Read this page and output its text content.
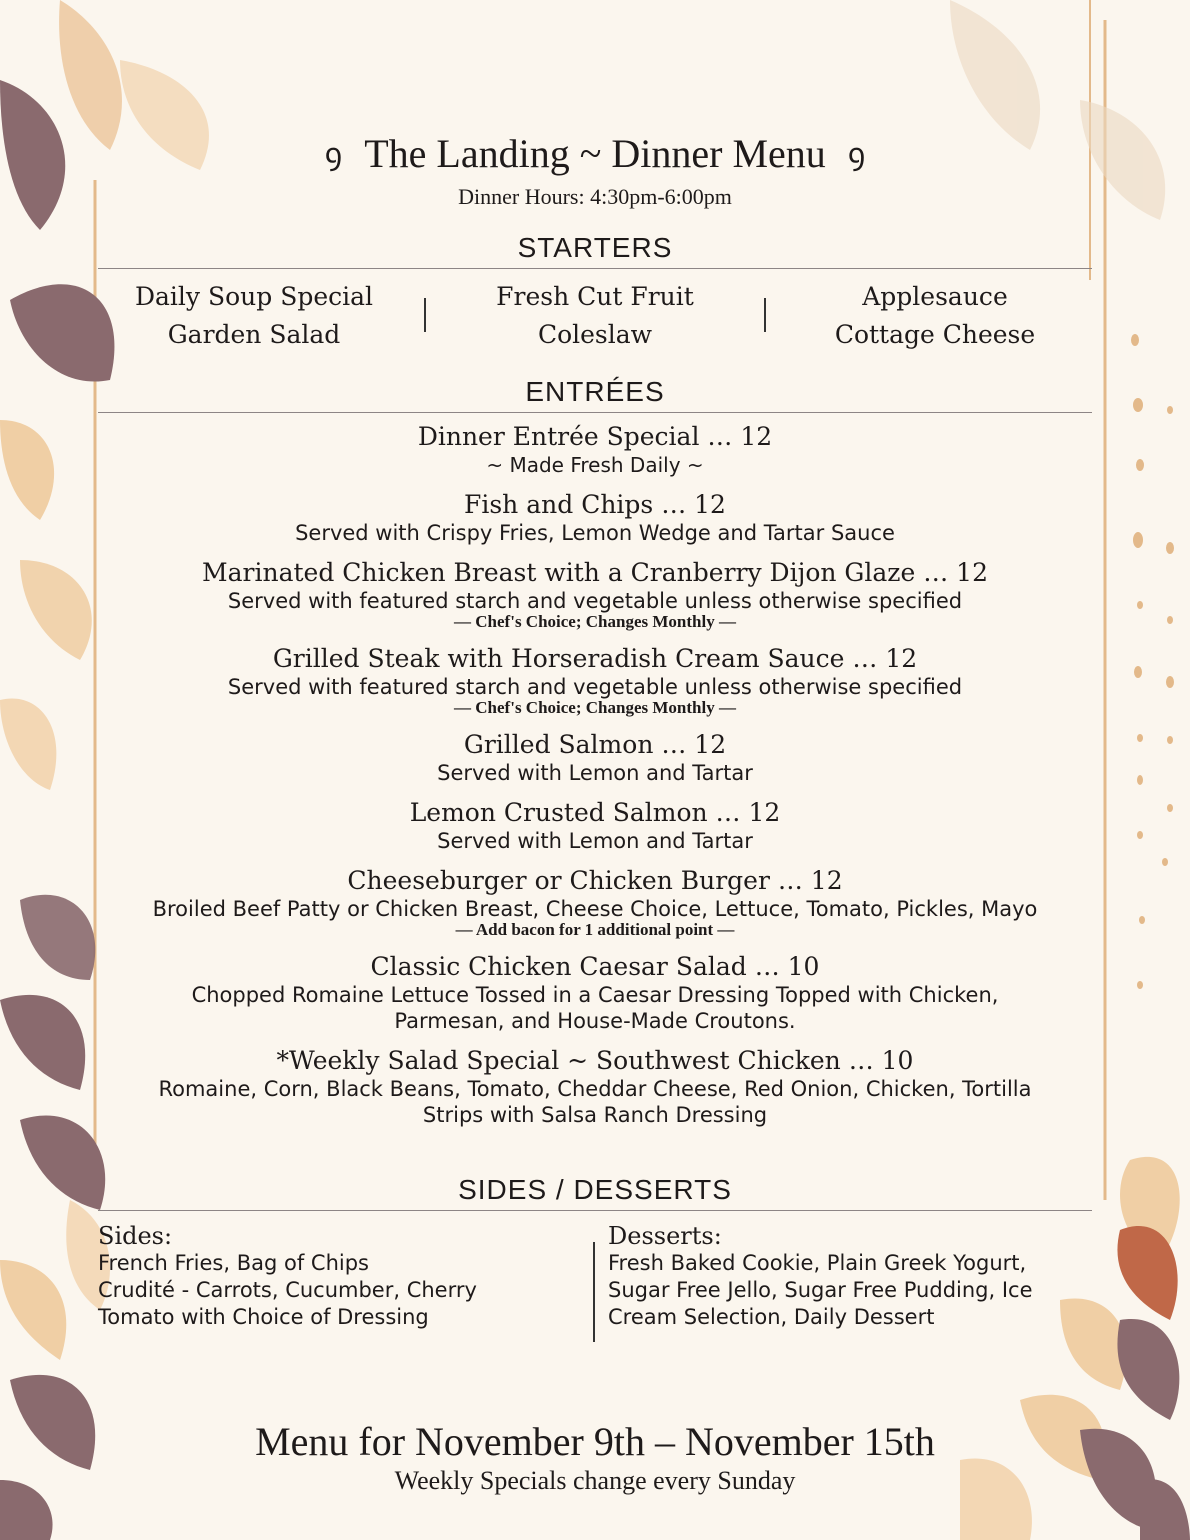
ꝯ The Landing ~ Dinner Menu ꝯ
Dinner Hours: 4:30pm-6:00pm
STARTERS
Daily Soup Special
Garden Salad
Fresh Cut Fruit
Coleslaw
Applesauce
Cottage Cheese
ENTRÉES
Dinner Entrée Special … 12
~ Made Fresh Daily ~
Fish and Chips … 12
Served with Crispy Fries, Lemon Wedge and Tartar Sauce
Marinated Chicken Breast with a Cranberry Dijon Glaze … 12
Served with featured starch and vegetable unless otherwise specified
— Chef's Choice; Changes Monthly —
Grilled Steak with Horseradish Cream Sauce … 12
Served with featured starch and vegetable unless otherwise specified
— Chef's Choice; Changes Monthly —
Grilled Salmon … 12
Served with Lemon and Tartar
Lemon Crusted Salmon … 12
Served with Lemon and Tartar
Cheeseburger or Chicken Burger … 12
Broiled Beef Patty or Chicken Breast, Cheese Choice, Lettuce, Tomato, Pickles, Mayo
— Add bacon for 1 additional point —
Classic Chicken Caesar Salad … 10
Chopped Romaine Lettuce Tossed in a Caesar Dressing Topped with Chicken,
Parmesan, and House-Made Croutons.
*Weekly Salad Special ~ Southwest Chicken … 10
Romaine, Corn, Black Beans, Tomato, Cheddar Cheese, Red Onion, Chicken, Tortilla
Strips with Salsa Ranch Dressing
SIDES / DESSERTS
Sides:
French Fries, Bag of Chips
Crudité - Carrots, Cucumber, Cherry
Tomato with Choice of Dressing
Desserts:
Fresh Baked Cookie, Plain Greek Yogurt,
Sugar Free Jello, Sugar Free Pudding, Ice
Cream Selection, Daily Dessert
Menu for November 9th – November 15th
Weekly Specials change every Sunday
